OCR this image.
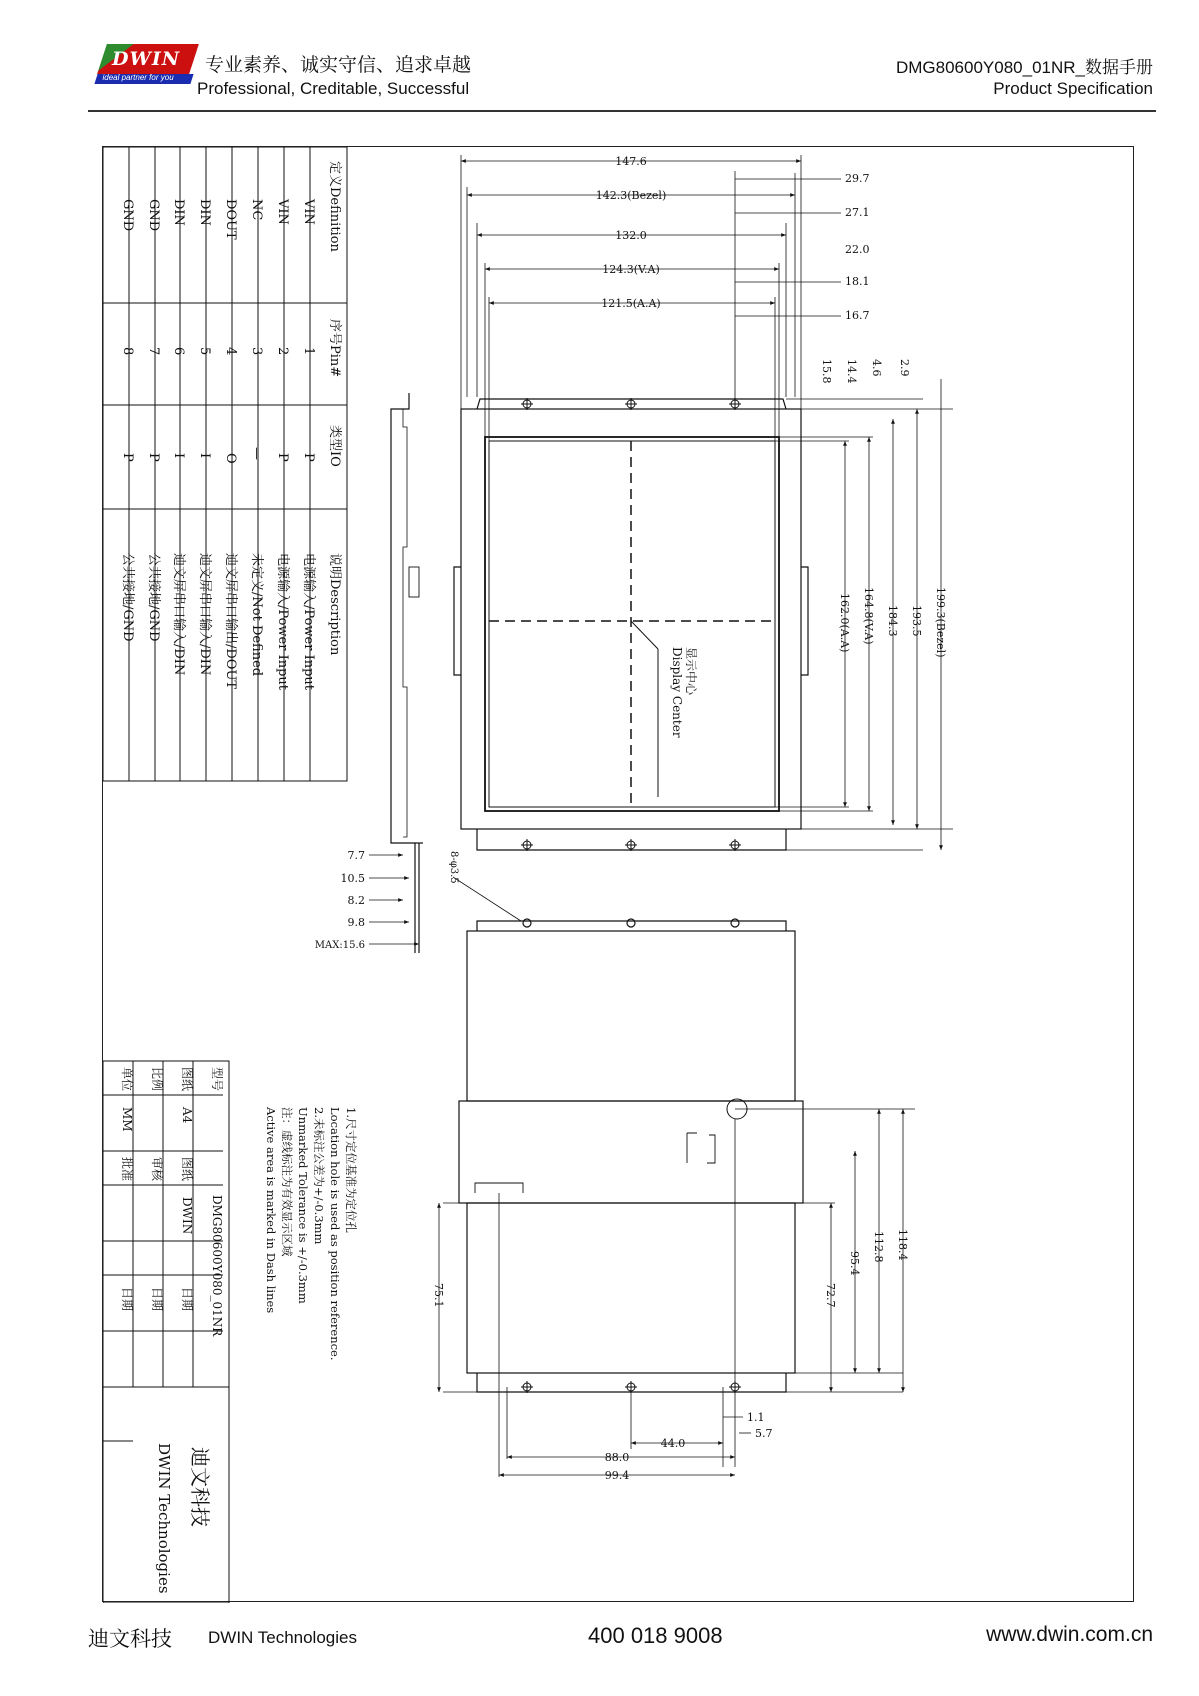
DWIN
ideal partner for you
专业素养、诚实守信、追求卓越
Professional, Creditable, Successful
DMG80600Y080_01NR_数据手册
Product Specification
定义Definition
序号Pin#
类型IO
说明Description
VIN
1
P
电源输入/Power Input
VIN
2
P
电源输入/Power Input
NC
3
—
未定义/Not Defined
DOUT
4
O
迪文屏串口输出/DOUT
DIN
5
I
迪文屏串口输入/DIN
DIN
6
I
迪文屏串口输入/DIN
GND
7
P
公共接地/GND
GND
8
P
公共接地/GND
型号
DMG80600Y080_01NR
图纸
A4
图纸
DWIN
日期
比例
审核
日期
单位
MM
批准
日期
迪文科技
DWIN Technologies
1.尺寸定位基准为定位孔
Location hole is used as position reference.
2.未标注公差为+/-0.3mm
Unmarked Tolerance is +/-0.3mm
注：虚线标注为有效显示区域
Active area is marked in Dash lines
显示中心
Display Center
147.6
142.3(Bezel)
132.0
124.3(V.A)
121.5(A.A)
29.7
27.1
22.0
18.1
16.7
15.8 14.4 4.6 2.9
199.3(Bezel)
193.5
184.3
164.8(V.A)
162.0(A.A)
7.7
10.5
8.2
9.8
MAX:15.6
8-φ3.5
118.4
112.8
95.4
72.7
75.1
1.1
5.7
44.0
88.0
99.4
迪文科技 DWIN Technologies	400 018 9008	www.dwin.com.cn
